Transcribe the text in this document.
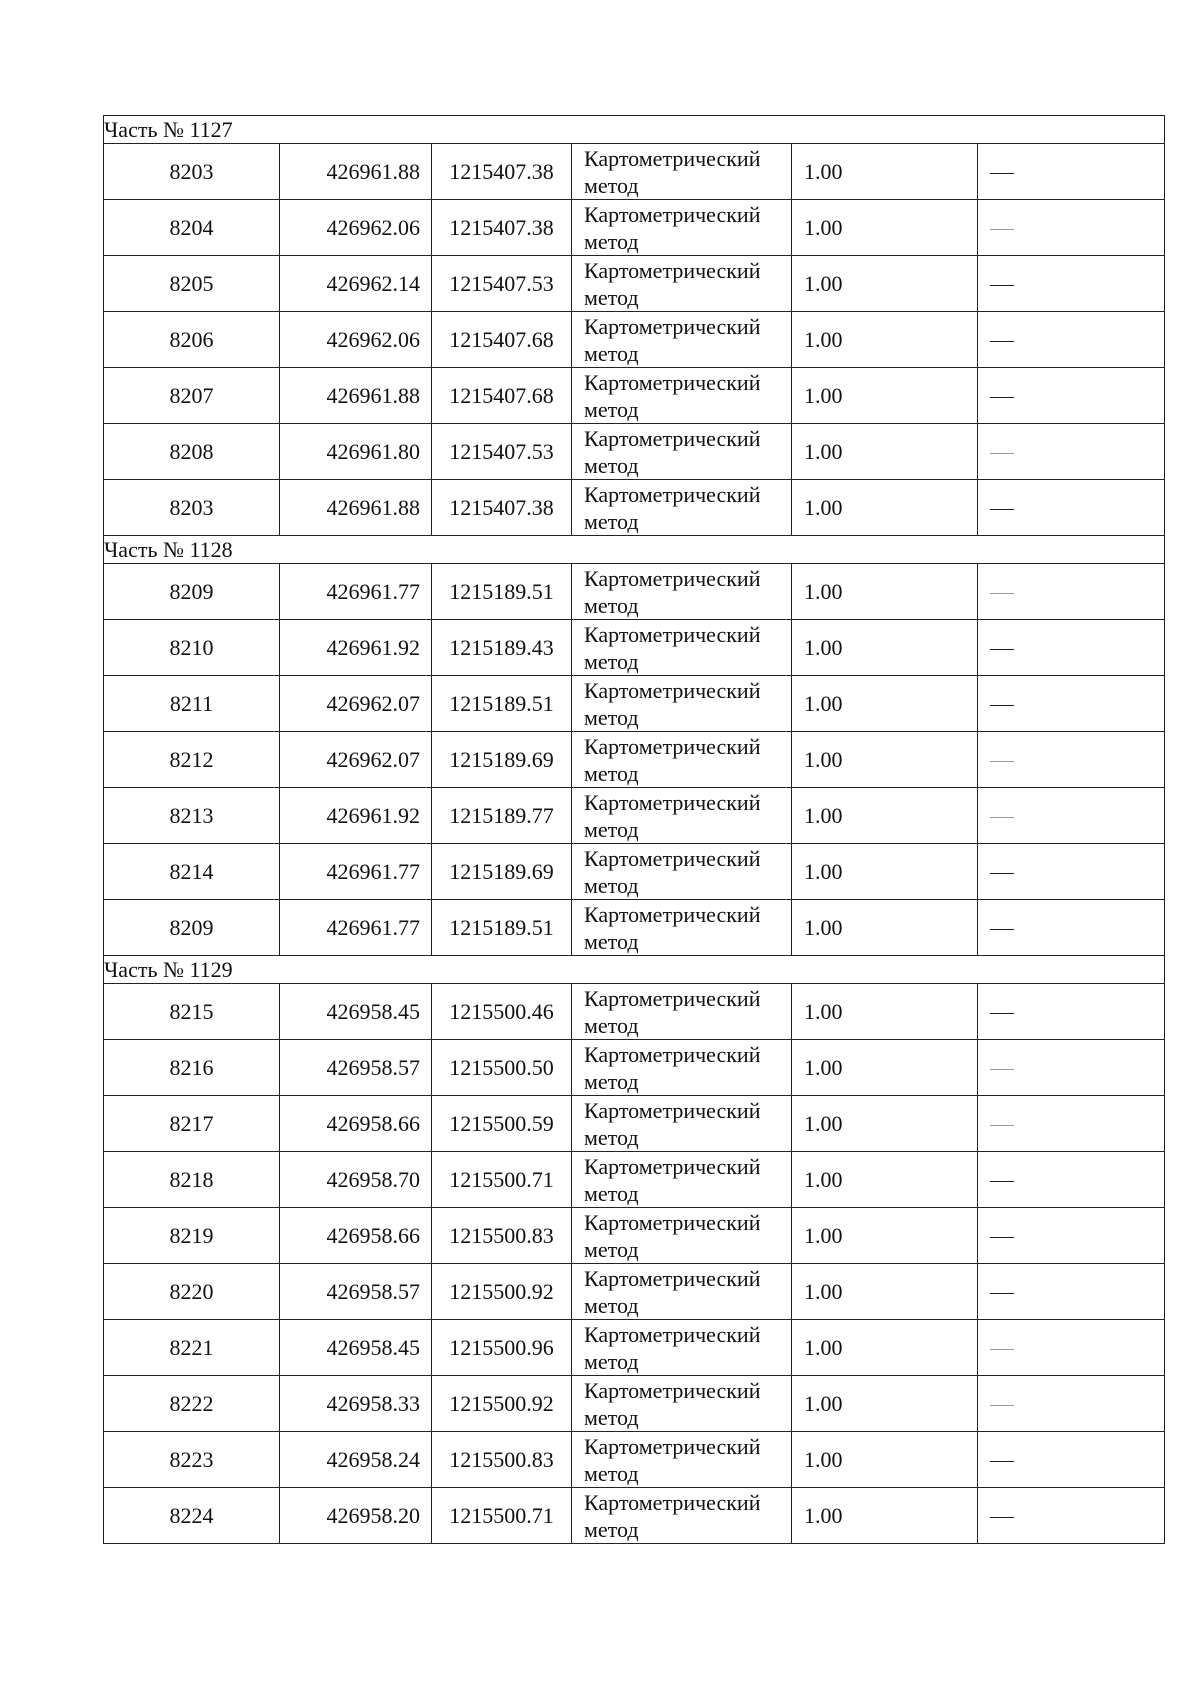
Часть № 1127					
8203	426961.88	1215407.38	Картометрический метод	1.00	
8204	426962.06	1215407.38	Картометрический метод	1.00	
8205	426962.14	1215407.53	Картометрический метод	1.00	
8206	426962.06	1215407.68	Картометрический метод	1.00	
8207	426961.88	1215407.68	Картометрический метод	1.00	
8208	426961.80	1215407.53	Картометрический метод	1.00	
8203	426961.88	1215407.38	Картометрический метод	1.00	
Часть № 1128					
8209	426961.77	1215189.51	Картометрический метод	1.00	
8210	426961.92	1215189.43	Картометрический метод	1.00	
8211	426962.07	1215189.51	Картометрический метод	1.00	
8212	426962.07	1215189.69	Картометрический метод	1.00	
8213	426961.92	1215189.77	Картометрический метод	1.00	
8214	426961.77	1215189.69	Картометрический метод	1.00	
8209	426961.77	1215189.51	Картометрический метод	1.00	
Часть № 1129					
8215	426958.45	1215500.46	Картометрический метод	1.00	
8216	426958.57	1215500.50	Картометрический метод	1.00	
8217	426958.66	1215500.59	Картометрический метод	1.00	
8218	426958.70	1215500.71	Картометрический метод	1.00	
8219	426958.66	1215500.83	Картометрический метод	1.00	
8220	426958.57	1215500.92	Картометрический метод	1.00	
8221	426958.45	1215500.96	Картометрический метод	1.00	
8222	426958.33	1215500.92	Картометрический метод	1.00	
8223	426958.24	1215500.83	Картометрический метод	1.00	
8224	426958.20	1215500.71	Картометрический метод	1.00	
